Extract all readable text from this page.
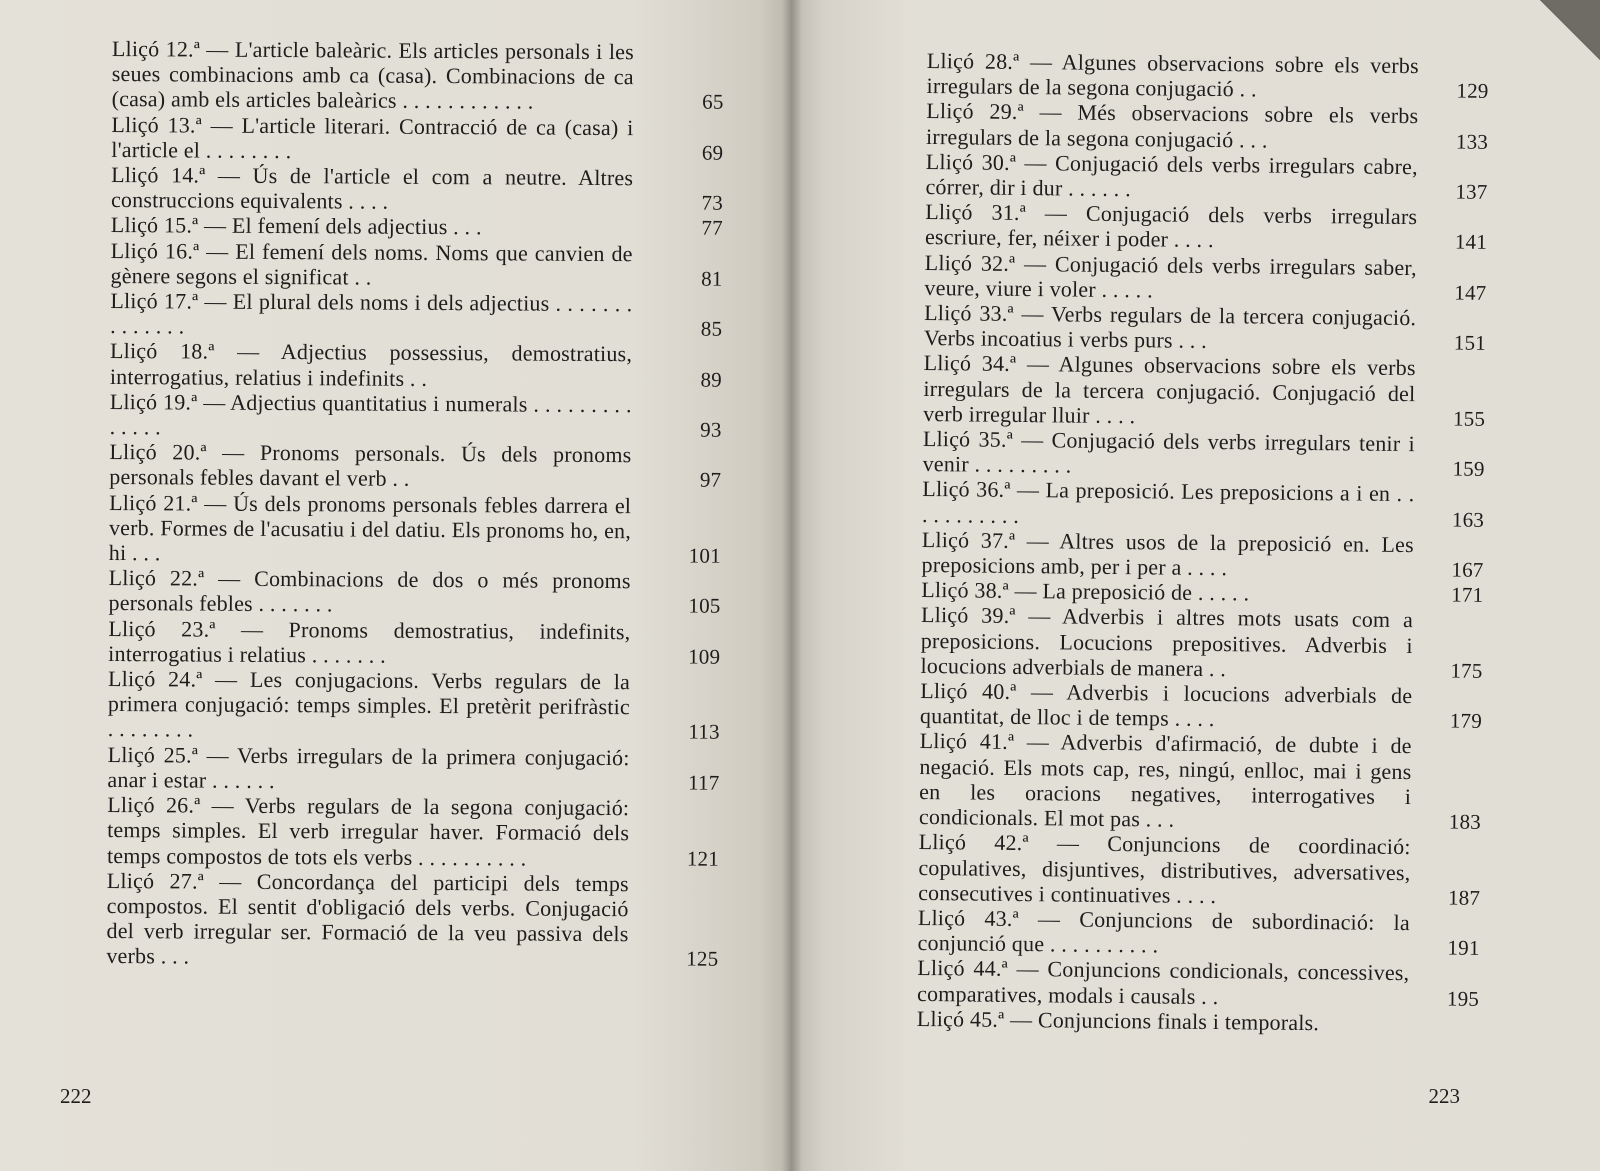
Lliçó 12.ª — L'article baleàric. Els articles personals i les seues combinacions amb ca (casa). Combinacions de ca (casa) amb els articles baleàrics . . . . . . . . . . . .	65
Lliçó 13.ª — L'article literari. Contracció de ca (casa) i l'article el . . . . . . . .	69
Lliçó 14.ª — Ús de l'article el com a neutre. Altres construccions equivalents . . . .	73
Lliçó 15.ª — El femení dels adjectius . . .	77
Lliçó 16.ª — El femení dels noms. Noms que canvien de gènere segons el significat . .	81
Lliçó 17.ª — El plural dels noms i dels adjectius . . . . . . . . . . . . . .	85
Lliçó 18.ª — Adjectius possessius, demostratius, interrogatius, relatius i indefinits . .	89
Lliçó 19.ª — Adjectius quantitatius i numerals . . . . . . . . . . . . . .	93
Lliçó 20.ª — Pronoms personals. Ús dels pronoms personals febles davant el verb . .	97
Lliçó 21.ª — Ús dels pronoms personals febles darrera el verb. Formes de l'acusatiu i del datiu. Els pronoms ho, en, hi . . .	101
Lliçó 22.ª — Combinacions de dos o més pronoms personals febles . . . . . . .	105
Lliçó 23.ª — Pronoms demostratius, indefinits, interrogatius i relatius . . . . . . .	109
Lliçó 24.ª — Les conjugacions. Verbs regulars de la primera conjugació: temps simples. El pretèrit perifràstic . . . . . . . .	113
Lliçó 25.ª — Verbs irregulars de la primera conjugació: anar i estar . . . . . .	117
Lliçó 26.ª — Verbs regulars de la segona conjugació: temps simples. El verb irregular haver. Formació dels temps compostos de tots els verbs . . . . . . . . . .	121
Lliçó 27.ª — Concordança del participi dels temps compostos. El sentit d'obligació dels verbs. Conjugació del verb irregular ser. Formació de la veu passiva dels verbs . . .	125
222
Lliçó 28.ª — Algunes observacions sobre els verbs irregulars de la segona conjugació . .	129
Lliçó 29.ª — Més observacions sobre els verbs irregulars de la segona conjugació . . .	133
Lliçó 30.ª — Conjugació dels verbs irregulars cabre, córrer, dir i dur . . . . . .	137
Lliçó 31.ª — Conjugació dels verbs irregulars escriure, fer, néixer i poder . . . .	141
Lliçó 32.ª — Conjugació dels verbs irregulars saber, veure, viure i voler . . . . .	147
Lliçó 33.ª — Verbs regulars de la tercera conjugació. Verbs incoatius i verbs purs . . .	151
Lliçó 34.ª — Algunes observacions sobre els verbs irregulars de la tercera conjugació. Conjugació del verb irregular lluir . . . .	155
Lliçó 35.ª — Conjugació dels verbs irregulars tenir i venir . . . . . . . . .	159
Lliçó 36.ª — La preposició. Les preposicions a i en . . . . . . . . . . .	163
Lliçó 37.ª — Altres usos de la preposició en. Les preposicions amb, per i per a . . . .	167
Lliçó 38.ª — La preposició de . . . . .	171
Lliçó 39.ª — Adverbis i altres mots usats com a preposicions. Locucions prepositives. Adverbis i locucions adverbials de manera . .	175
Lliçó 40.ª — Adverbis i locucions adverbials de quantitat, de lloc i de temps . . . .	179
Lliçó 41.ª — Adverbis d'afirmació, de dubte i de negació. Els mots cap, res, ningú, enlloc, mai i gens en les oracions negatives, interrogatives i condicionals. El mot pas . . .	183
Lliçó 42.ª — Conjuncions de coordinació: copulatives, disjuntives, distributives, adversatives, consecutives i continuatives . . . .	187
Lliçó 43.ª — Conjuncions de subordinació: la conjunció que . . . . . . . . . .	191
Lliçó 44.ª — Conjuncions condicionals, concessives, comparatives, modals i causals . .	195
Lliçó 45.ª — Conjuncions finals i temporals.
223
